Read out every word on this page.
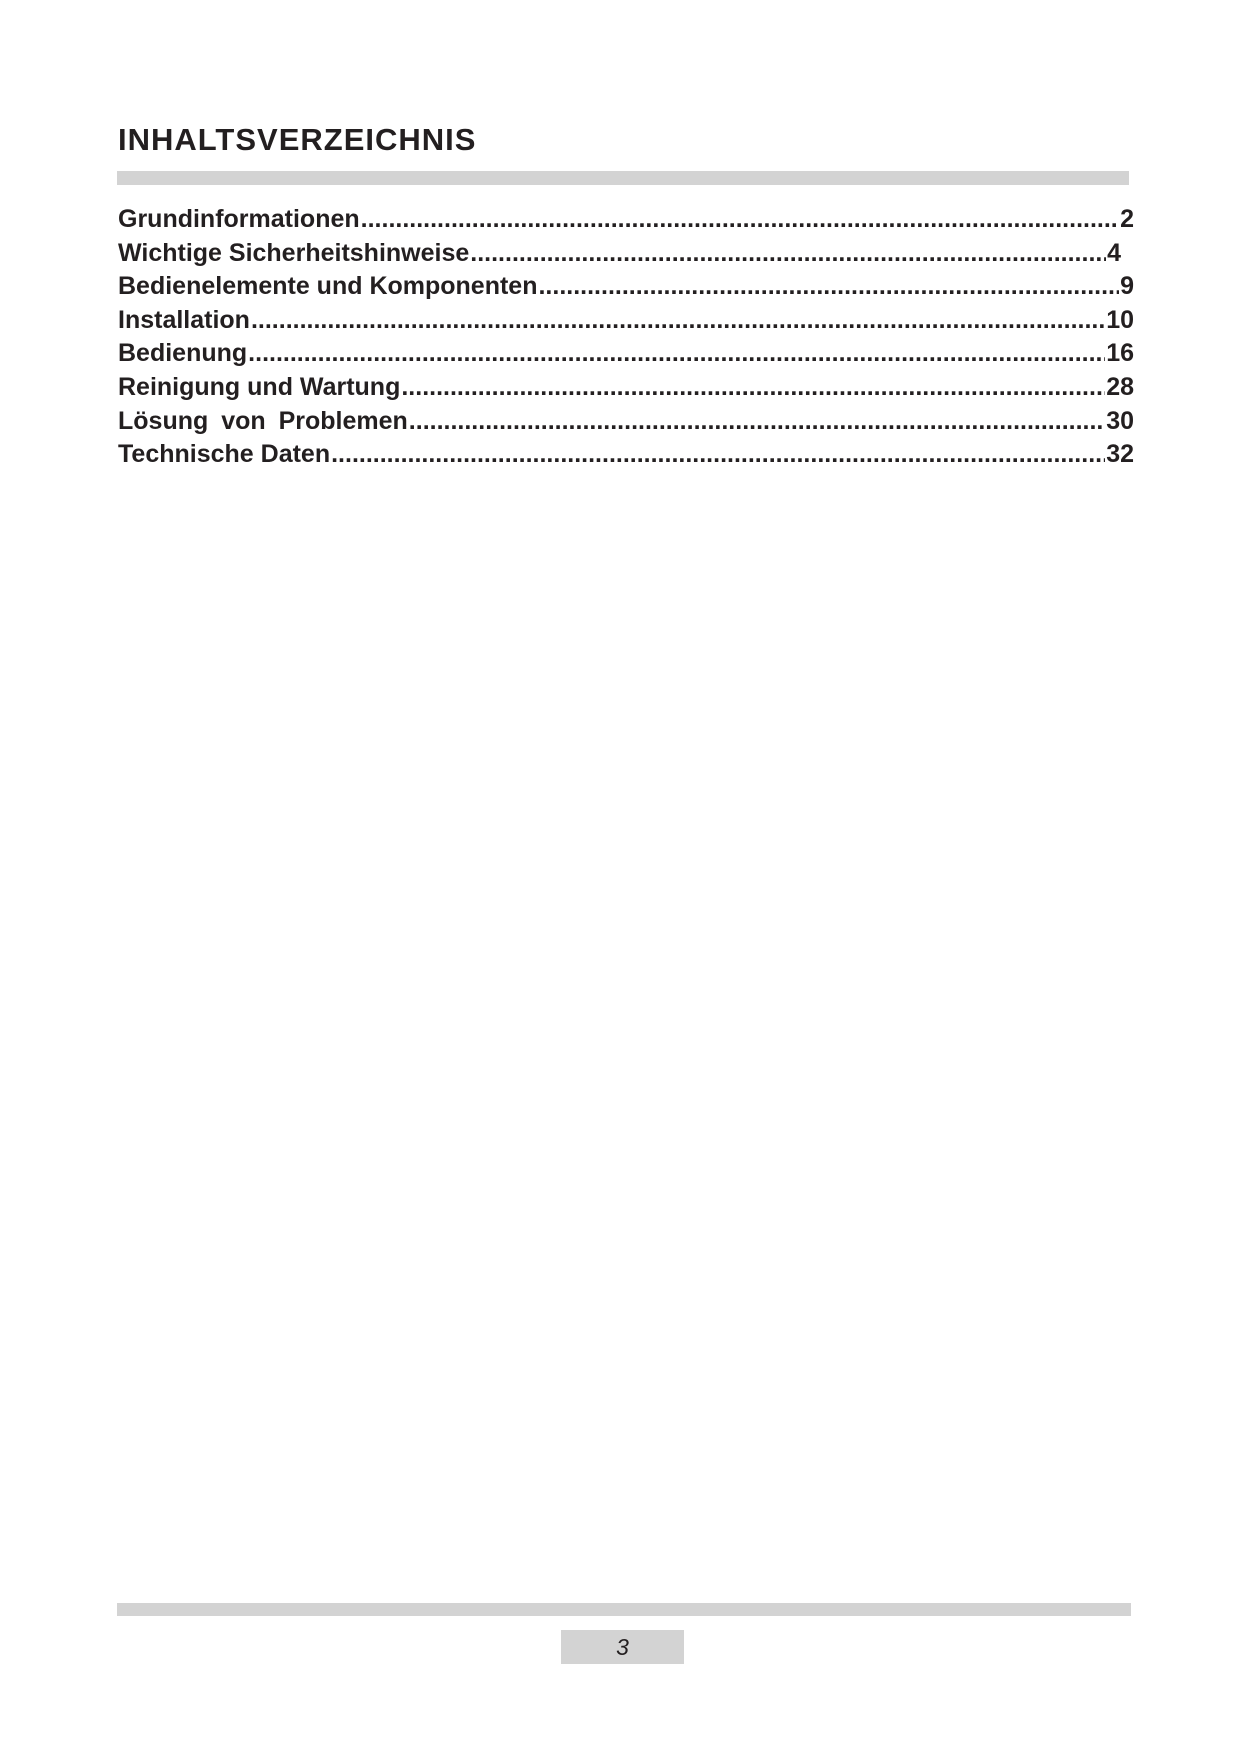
INHALTSVERZEICHNIS
Grundinformationen .....	2
Wichtige Sicherheitshinweise .....	4
Bedienelemente und Komponenten .....	9
Installation .....	10
Bedienung .....	16
Reinigung und Wartung .....	28
Lösung von Problemen .....	30
Technische Daten .....	32
3
